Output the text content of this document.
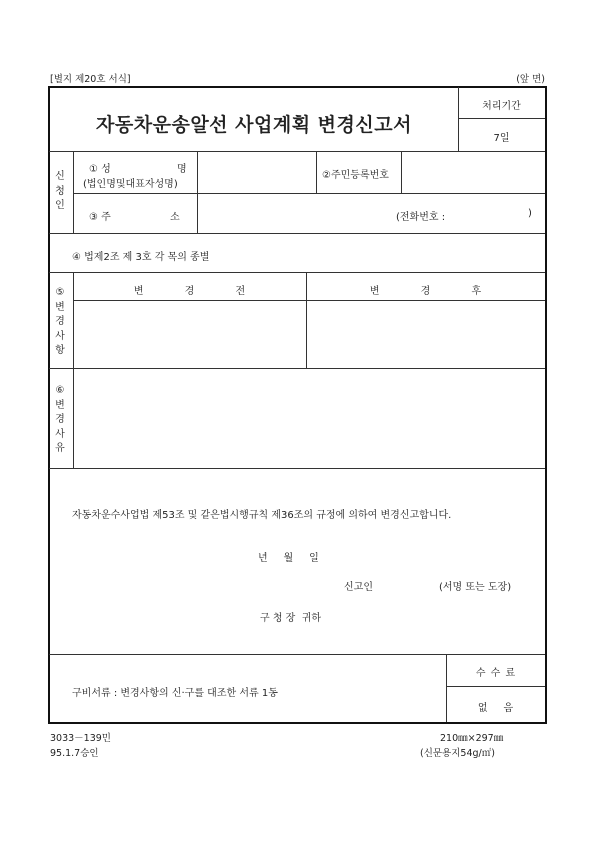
[별지 제20호 서식]	(앞 면)
자동차운송알선 사업계획 변경신고서
처리기간
7일
신
청
인
① 성	명
(법인명및대표자성명)
②주민등록번호
③ 주	소	(전화번호 :	)
④ 법제2조 제 3호 각 목의 종별
⑤
변
경
사
항
변 경 전	변 경 후
⑥
변
경
사
유
자동차운수사업법 제53조 및 같은법시행규칙 제36조의 규정에 의하여 변경신고합니다.
년     월     일
신고인	(서명 또는 도장)
구 청 장  귀하
구비서류 : 변경사항의 신·구를 대조한 서류 1동
수 수 료
없     음
3033－139민
95.1.7승인
210㎜×297㎜
(신문용지54g/㎡)
